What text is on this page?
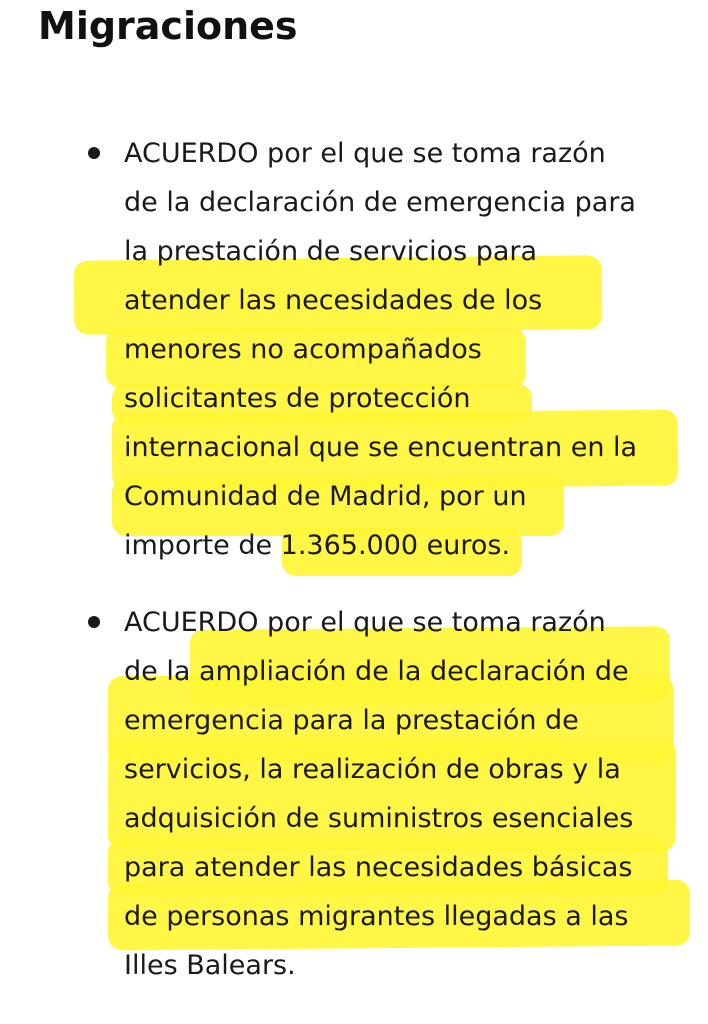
Migraciones
ACUERDO por el que se toma razón
de la declaración de emergencia para
la prestación de servicios para
atender las necesidades de los
menores no acompañados
solicitantes de protección
internacional que se encuentran en la
Comunidad de Madrid, por un
importe de 1.365.000 euros.
ACUERDO por el que se toma razón
de la ampliación de la declaración de
emergencia para la prestación de
servicios, la realización de obras y la
adquisición de suministros esenciales
para atender las necesidades básicas
de personas migrantes llegadas a las
Illes Balears.
